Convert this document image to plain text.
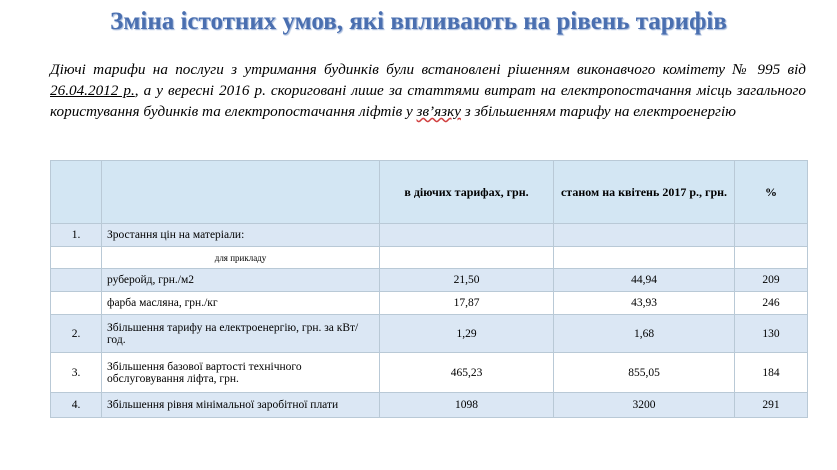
Зміна істотних умов, які впливають на рівень тарифів
Діючі тарифи на послуги з утримання будинків були встановлені рішенням виконавчого комітету № 995 від 26.04.2012 р., а у вересні 2016 р. скориговані лише за статтями витрат на електропостачання місць загального користування будинків та електропостачання ліфтів у зв’язку з збільшенням тарифу на електроенергію
		в діючих тарифах, грн.	станом на квітень 2017 р., грн.	%
1.	Зростання цін на матеріали:			
	для прикладу			
	руберойд, грн./м2	21,50	44,94	209
	фарба масляна, грн./кг	17,87	43,93	246
2.	Збільшення тарифу на електроенергію, грн. за кВт/год.	1,29	1,68	130
3.	Збільшення базової вартості технічного обслуговування ліфта, грн.	465,23	855,05	184
4.	Збільшення рівня мінімальної заробітної плати	1098	3200	291
